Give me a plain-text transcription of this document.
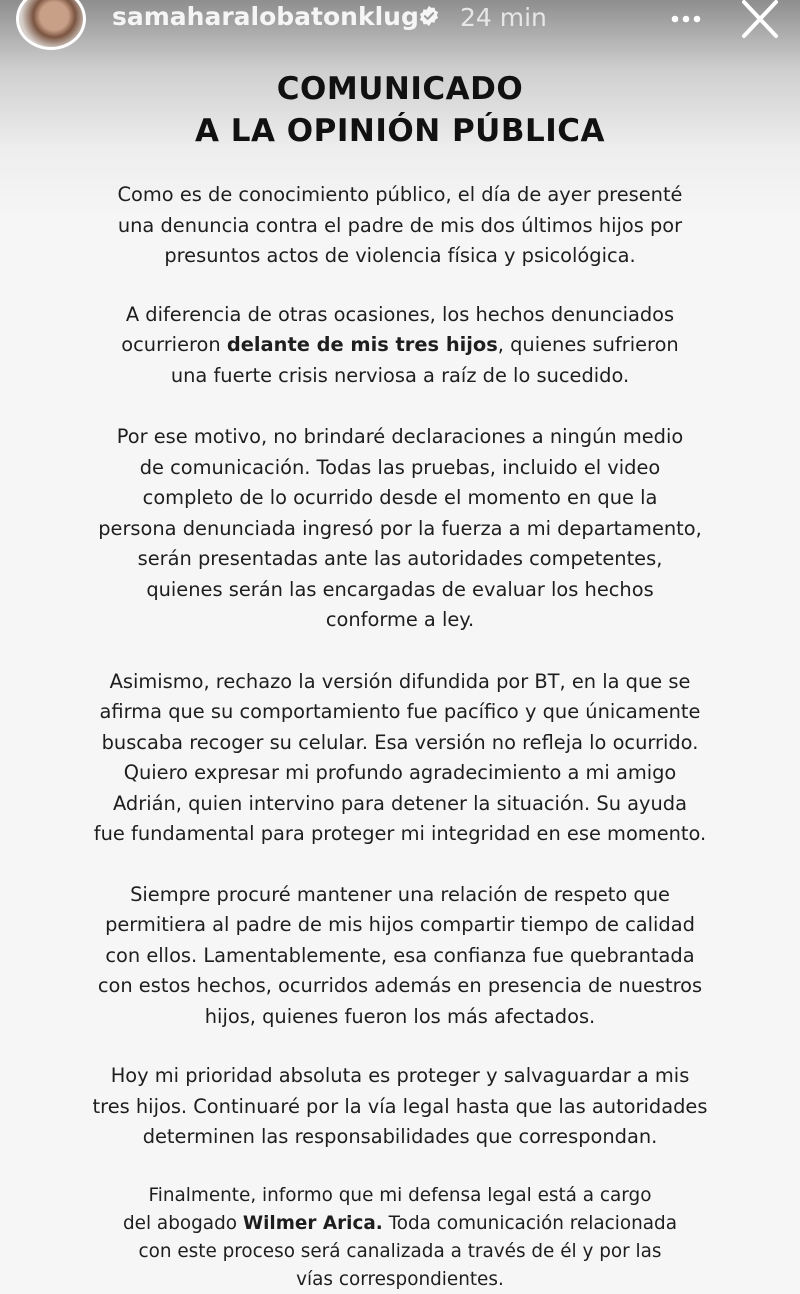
samaharalobatonklug 24 min
COMUNICADO
A LA OPINIÓN PÚBLICA

Como es de conocimiento público, el día de ayer presenté
una denuncia contra el padre de mis dos últimos hijos por
presuntos actos de violencia física y psicológica.

A diferencia de otras ocasiones, los hechos denunciados
ocurrieron delante de mis tres hijos, quienes sufrieron
una fuerte crisis nerviosa a raíz de lo sucedido.

Por ese motivo, no brindaré declaraciones a ningún medio
de comunicación. Todas las pruebas, incluido el video
completo de lo ocurrido desde el momento en que la
persona denunciada ingresó por la fuerza a mi departamento,
serán presentadas ante las autoridades competentes,
quienes serán las encargadas de evaluar los hechos
conforme a ley.

Asimismo, rechazo la versión difundida por BT, en la que se
afirma que su comportamiento fue pacífico y que únicamente
buscaba recoger su celular. Esa versión no refleja lo ocurrido.
Quiero expresar mi profundo agradecimiento a mi amigo
Adrián, quien intervino para detener la situación. Su ayuda
fue fundamental para proteger mi integridad en ese momento.

Siempre procuré mantener una relación de respeto que
permitiera al padre de mis hijos compartir tiempo de calidad
con ellos. Lamentablemente, esa confianza fue quebrantada
con estos hechos, ocurridos además en presencia de nuestros
hijos, quienes fueron los más afectados.

Hoy mi prioridad absoluta es proteger y salvaguardar a mis
tres hijos. Continuaré por la vía legal hasta que las autoridades
determinen las responsabilidades que correspondan.

Finalmente, informo que mi defensa legal está a cargo
del abogado Wilmer Arica. Toda comunicación relacionada
con este proceso será canalizada a través de él y por las
vías correspondientes.
